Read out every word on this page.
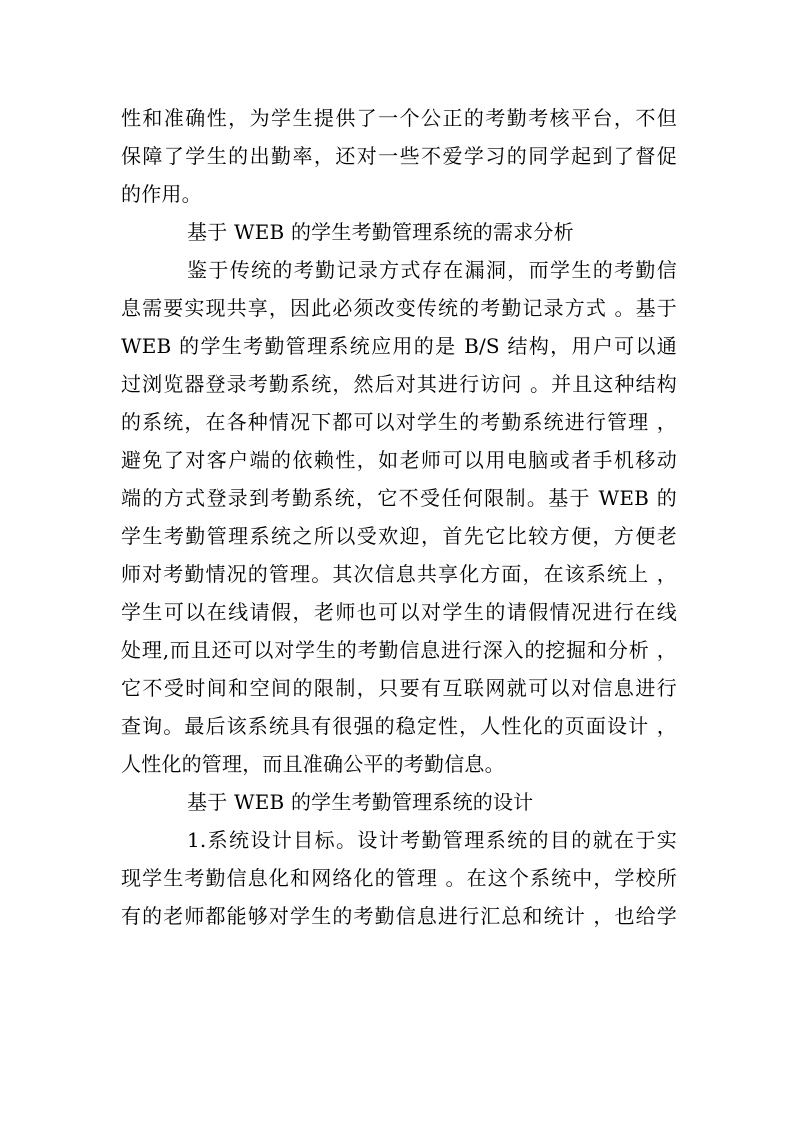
性和准确性，为学生提供了一个公正的考勤考核平台，不但
保障了学生的出勤率，还对一些不爱学习的同学起到了督促
的作用。
基于 WEB 的学生考勤管理系统的需求分析
鉴于传统的考勤记录方式存在漏洞，而学生的考勤信
息需要实现共享，因此必须改变传统的考勤记录方式 。基于
WEB 的学生考勤管理系统应用的是 B/S 结构，用户可以通
过浏览器登录考勤系统，然后对其进行访问 。并且这种结构
的系统，在各种情况下都可以对学生的考勤系统进行管理 ，
避免了对客户端的依赖性，如老师可以用电脑或者手机移动
端的方式登录到考勤系统，它不受任何限制。基于 WEB 的
学生考勤管理系统之所以受欢迎，首先它比较方便，方便老
师对考勤情况的管理。其次信息共享化方面，在该系统上 ，
学生可以在线请假，老师也可以对学生的请假情况进行在线
处理,而且还可以对学生的考勤信息进行深入的挖掘和分析 ，
它不受时间和空间的限制，只要有互联网就可以对信息进行
查询。最后该系统具有很强的稳定性，人性化的页面设计 ，
人性化的管理，而且准确公平的考勤信息。
基于 WEB 的学生考勤管理系统的设计
1.系统设计目标。设计考勤管理系统的目的就在于实
现学生考勤信息化和网络化的管理 。在这个系统中，学校所
有的老师都能够对学生的考勤信息进行汇总和统计 ，也给学
